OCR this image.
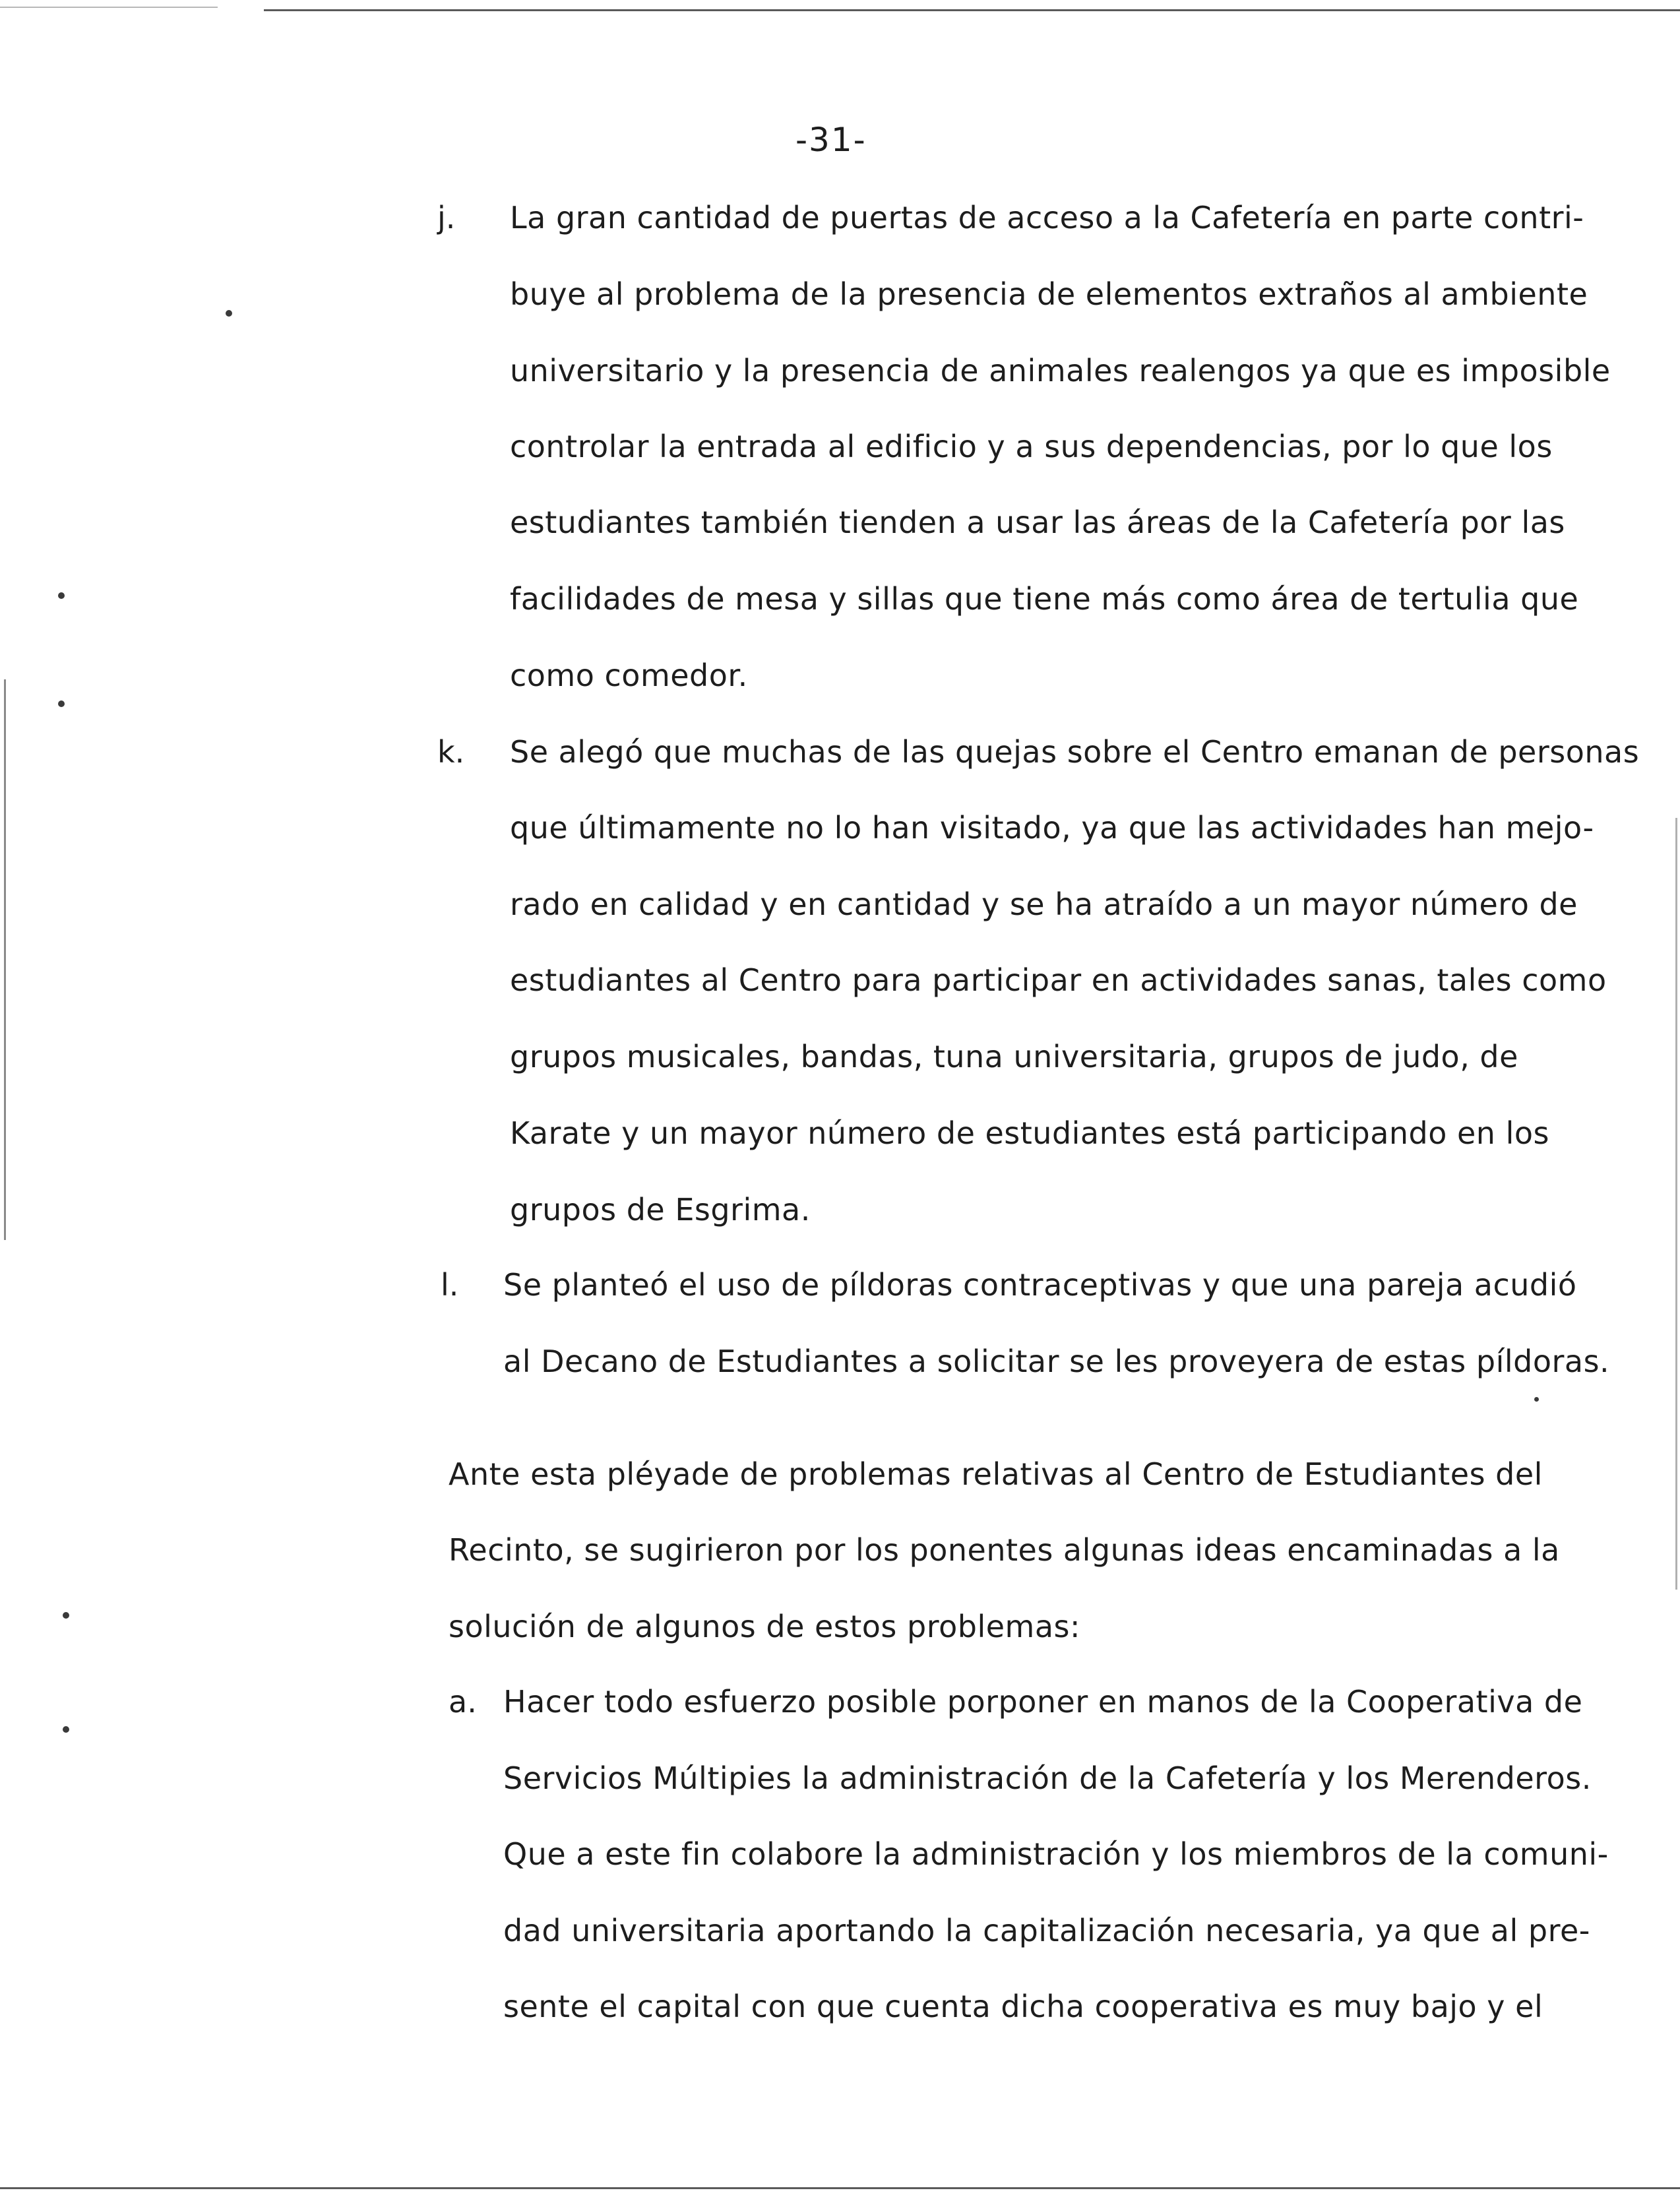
-31-
j. La gran cantidad de puertas de acceso a la Cafetería en parte contri-
buye al problema de la presencia de elementos extraños al ambiente
universitario y la presencia de animales realengos ya que es imposible
controlar la entrada al edificio y a sus dependencias, por lo que los
estudiantes también tienden a usar las áreas de la Cafetería por las
facilidades de mesa y sillas que tiene más como área de tertulia que
como comedor.
k. Se alegó que muchas de las quejas sobre el Centro emanan de personas
que últimamente no lo han visitado, ya que las actividades han mejo-
rado en calidad y en cantidad y se ha atraído a un mayor número de
estudiantes al Centro para participar en actividades sanas, tales como
grupos musicales, bandas, tuna universitaria, grupos de judo, de
Karate y un mayor número de estudiantes está participando en los
grupos de Esgrima.
l. Se planteó el uso de píldoras contraceptivas y que una pareja acudió
al Decano de Estudiantes a solicitar se les proveyera de estas píldoras.
Ante esta pléyade de problemas relativas al Centro de Estudiantes del
Recinto, se sugirieron por los ponentes algunas ideas encaminadas a la
solución de algunos de estos problemas:
a. Hacer todo esfuerzo posible porponer en manos de la Cooperativa de
Servicios Múltipies la administración de la Cafetería y los Merenderos.
Que a este fin colabore la administración y los miembros de la comuni-
dad universitaria aportando la capitalización necesaria, ya que al pre-
sente el capital con que cuenta dicha cooperativa es muy bajo y el
